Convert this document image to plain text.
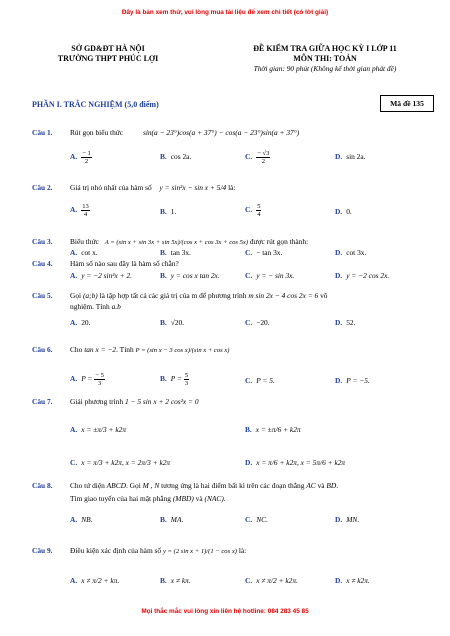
Đây là bản xem thử, vui lòng mua tài liệu để xem chi tiết (có lời giải)
Mọi thắc mắc vui lòng xin liên hệ hotline: 084 283 45 85
SỞ GD&ĐT HÀ NỘI
TRƯỜNG THPT PHÚC LỢI
ĐỀ KIỂM TRA GIỮA HỌC KỲ I LỚP 11
MÔN THI: TOÁN
Thời gian: 90 phút (Không kể thời gian phát đề)
PHẦN I. TRẮC NGHIỆM (5,0 điểm)	Mã đề 135
Câu 1. Rút gọn biểu thức	sin(a − 23°)cos(a + 37°) − cos(a − 23°)sin(a + 37°)
A. $\frac{- 1}{2}$	B. cos 2a.	C. $\frac{- √3}{2}$	D. sin 2a.
Câu 2. Giá trị nhỏ nhất của hàm số y = sin²x − sin x + 5/4 là:
A. $\frac{13}{4}$	B. 1.	C. $\frac{5}{4}$	D. 0.
Câu 3. Biểu thức A = (sin x + sin 3x + sin 5x)/(cos x + cos 3x + cos 5x) được rút gọn thành:
A. cot x.	B. tan 3x.	C. − tan 3x.	D. cot 3x.
Câu 4. Hàm số nào sau đây là hàm số chẵn?
A. y = −2 sin²x + 2.	B. y = cos x tan 2x.	C. y = − sin 3x.	D. y = −2 cos 2x.
Câu 5. Gọi (a;b) là tập hợp tất cả các giá trị của m để phương trình m sin 2x − 4 cos 2x = 6 vô
nghiệm. Tính a.b
A. 20.	B. √20.	C. −20.	D. 52.
Câu 6. Cho tan x = −2. Tính P = (sin x − 3 cos x)/(sin x + cos x)
A. $P = \frac{- 5}{3}$	B. $P = \frac{5}{3}$	C. P = 5.	D. P = −5.
Câu 7. Giải phương trình 1 − 5 sin x + 2 cos²x = 0
A. x = ±π/3 + k2π	B. x = ±π/6 + k2π
C. x = π/3 + k2π, x = 2π/3 + k2π	D. x = π/6 + k2π, x = 5π/6 + k2π
Câu 8. Cho tứ diện ABCD. Gọi M , N tương ứng là hai điểm bất kì trên các đoạn thẳng AC và BD.
Tìm giao tuyến của hai mặt phẳng (MBD) và (NAC).
A. NB.	B. MA.	C. NC.	D. MN.
Câu 9. Điều kiện xác định của hàm số y = (2 sin x + 1)/(1 − cos x) là:
A. x ≠ π/2 + kπ.	B. x ≠ kπ.	C. x ≠ π/2 + k2π.	D. x ≠ k2π.
